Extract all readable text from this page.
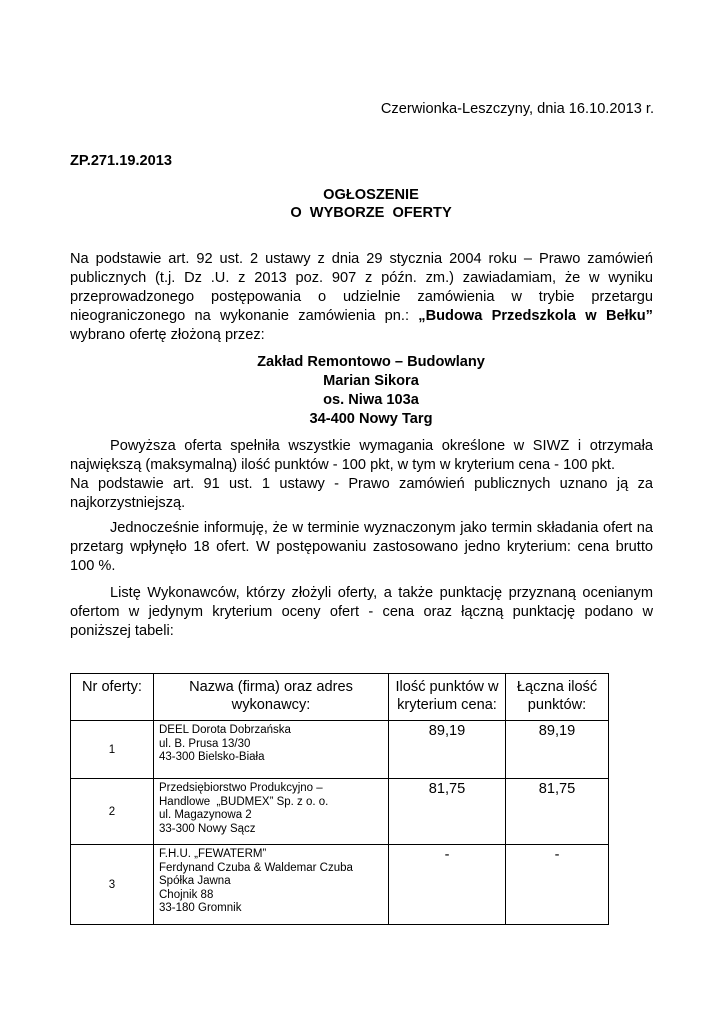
Czerwionka-Leszczyny, dnia 16.10.2013 r.
ZP.271.19.2013
OGŁOSZENIE
O  WYBORZE  OFERTY
Na podstawie art. 92 ust. 2 ustawy z dnia 29 stycznia 2004 roku – Prawo zamówień publicznych (t.j. Dz .U. z 2013 poz. 907 z późn. zm.) zawiadamiam, że w wyniku przeprowadzonego postępowania o udzielnie zamówienia w trybie przetargu nieograniczonego na wykonanie zamówienia pn.: „Budowa Przedszkola w Bełku” wybrano ofertę złożoną przez:
Zakład Remontowo – Budowlany
Marian Sikora
os. Niwa 103a
34-400 Nowy Targ
Powyższa oferta spełniła wszystkie wymagania określone w SIWZ i otrzymała największą (maksymalną) ilość punktów - 100 pkt, w tym w kryterium cena - 100 pkt.
Na podstawie art. 91 ust. 1 ustawy - Prawo zamówień publicznych uznano ją za najkorzystniejszą.
Jednocześnie informuję, że w terminie wyznaczonym jako termin składania ofert na przetarg wpłynęło 18 ofert. W postępowaniu zastosowano jedno kryterium: cena brutto 100 %.
Listę Wykonawców, którzy złożyli oferty, a także punktację przyznaną ocenianym ofertom w jedynym kryterium oceny ofert - cena oraz łączną punktację podano w poniższej tabeli:
Nr oferty:	Nazwa (firma) oraz adres wykonawcy:	Ilość punktów w kryterium cena:	Łączna ilość punktów:
1	DEEL Dorota Dobrzańska
ul. B. Prusa 13/30
43-300 Bielsko-Biała	89,19	89,19
2	Przedsiębiorstwo Produkcyjno –
Handlowe  „BUDMEX” Sp. z o. o.
ul. Magazynowa 2
33-300 Nowy Sącz	81,75	81,75
3	F.H.U. „FEWATERM”
Ferdynand Czuba & Waldemar Czuba
Spółka Jawna
Chojnik 88
33-180 Gromnik	-	-
